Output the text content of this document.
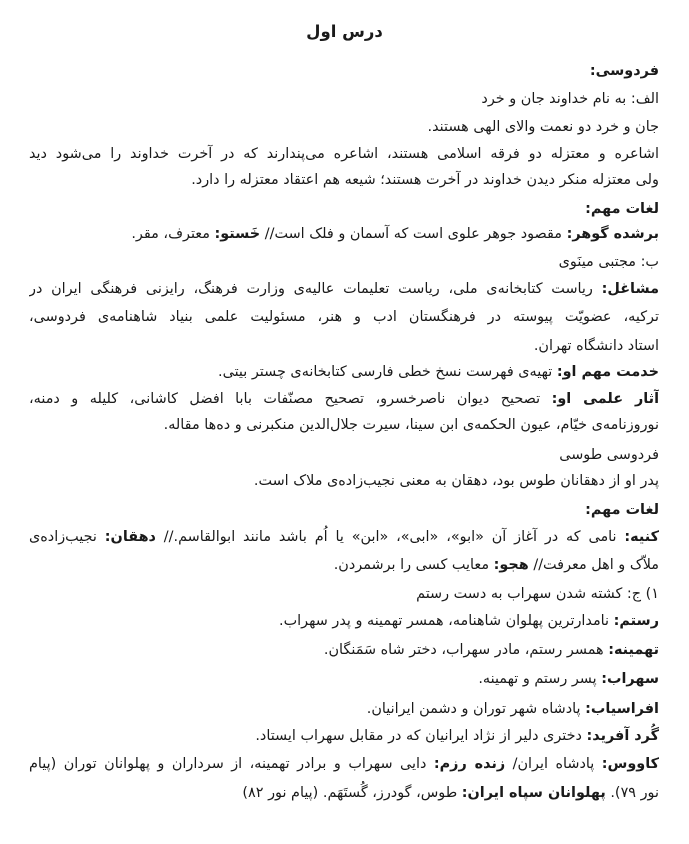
درس اول
فردوسی:
الف: به نام خداوند جان و خرد
جان و خرد دو نعمت والای الهی هستند.
اشاعره و معتزله دو فرقه اسلامی هستند، اشاعره می‌پندارند که در آخرت خداوند را می‌شود دید
ولی معتزله منکر دیدن خداوند در آخرت هستند؛ شیعه هم اعتقاد معتزله را دارد.
لغات مهم:
برشده گوهر: مقصود جوهر علوی است که آسمان و فلک است// خَستو: معترف، مقر.
ب: مجتبی مینَوی
مشاغل: ریاست کتابخانه‌ی ملی، ریاست تعلیمات عالیه‌ی وزارت فرهنگ، رایزنی فرهنگی ایران در
ترکیه، عضویّت پیوسته در فرهنگستان ادب و هنر، مسئولیت علمی بنیاد شاهنامه‌ی فردوسی،
استاد دانشگاه تهران.
خدمت مهم او: تهیه‌ی فهرست نسخ خطی فارسی کتابخانه‌ی چستر بیتی.
آثار علمی او: تصحیح دیوان ناصرخسرو، تصحیح مصنّفات بابا افضل کاشانی، کلیله و دمنه،
نوروزنامه‌ی خیّام، عیون الحکمه‌ی ابن سینا، سیرت جلال‌الدین منکبرنی و ده‌ها مقاله.
فردوسی طوسی
پدر او از دهقانان طوس بود، دهقان به معنی نجیب‌زاده‌ی ملاک است.
لغات مهم:
کنیه: نامی که در آغاز آن «ابو»، «ابی»، «ابن» یا اُم باشد مانند ابوالقاسم.// دهقان: نجیب‌زاده‌ی
ملاّک و اهل معرفت// هجو: معایب کسی را برشمردن.
۱) ج: کشته شدن سهراب به دست رستم
رستم: نامدارترین پهلوان شاهنامه، همسر تهمینه و پدر سهراب.
تهمینه: همسر رستم، مادر سهراب، دختر شاه سَمَنگان.
سهراب: پسر رستم و تهمینه.
افراسیاب: پادشاه شهر توران و دشمن ایرانیان.
گُرد آفرید: دختری دلیر از نژاد ایرانیان که در مقابل سهراب ایستاد.
کاووس: پادشاه ایران/ زنده رزم: دایی سهراب و برادر تهمینه، از سرداران و پهلوانان توران (پیام
نور ۷۹). پهلوانان سپاه ایران: طوس، گودرز، گُستَهَم. (پیام نور ۸۲)
